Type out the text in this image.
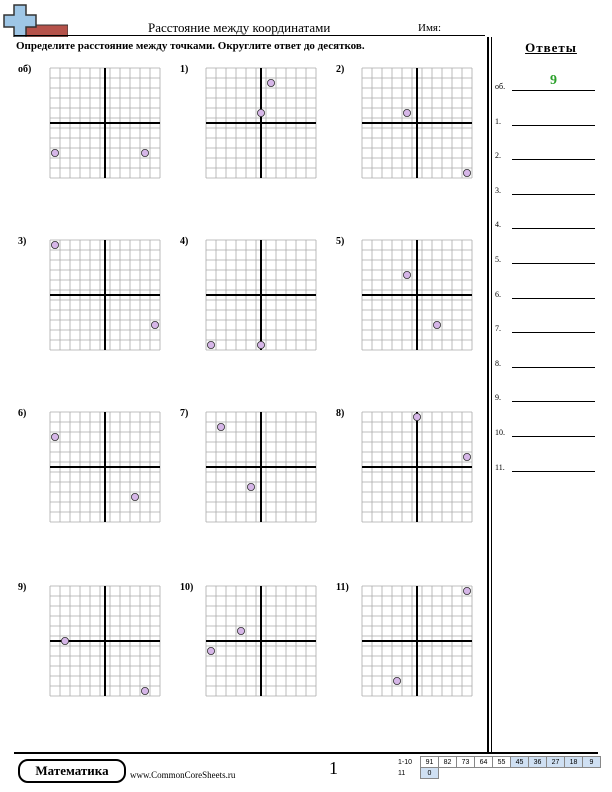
Расстояние между координатами	Имя:
Определите расстояние между точками. Округлите ответ до десятков.	Ответы
об.	9
1.
2.
3.
4.
5.
6.
7.
8.
9.
10.
11.
об)	1)	2)
3)	4)	5)
6)	7)	8)
9)	10)	11)
Математика	www.CommonCoreSheets.ru	1	1-10	91	82	73	64	55	45	36	27	18	9
11	0									
